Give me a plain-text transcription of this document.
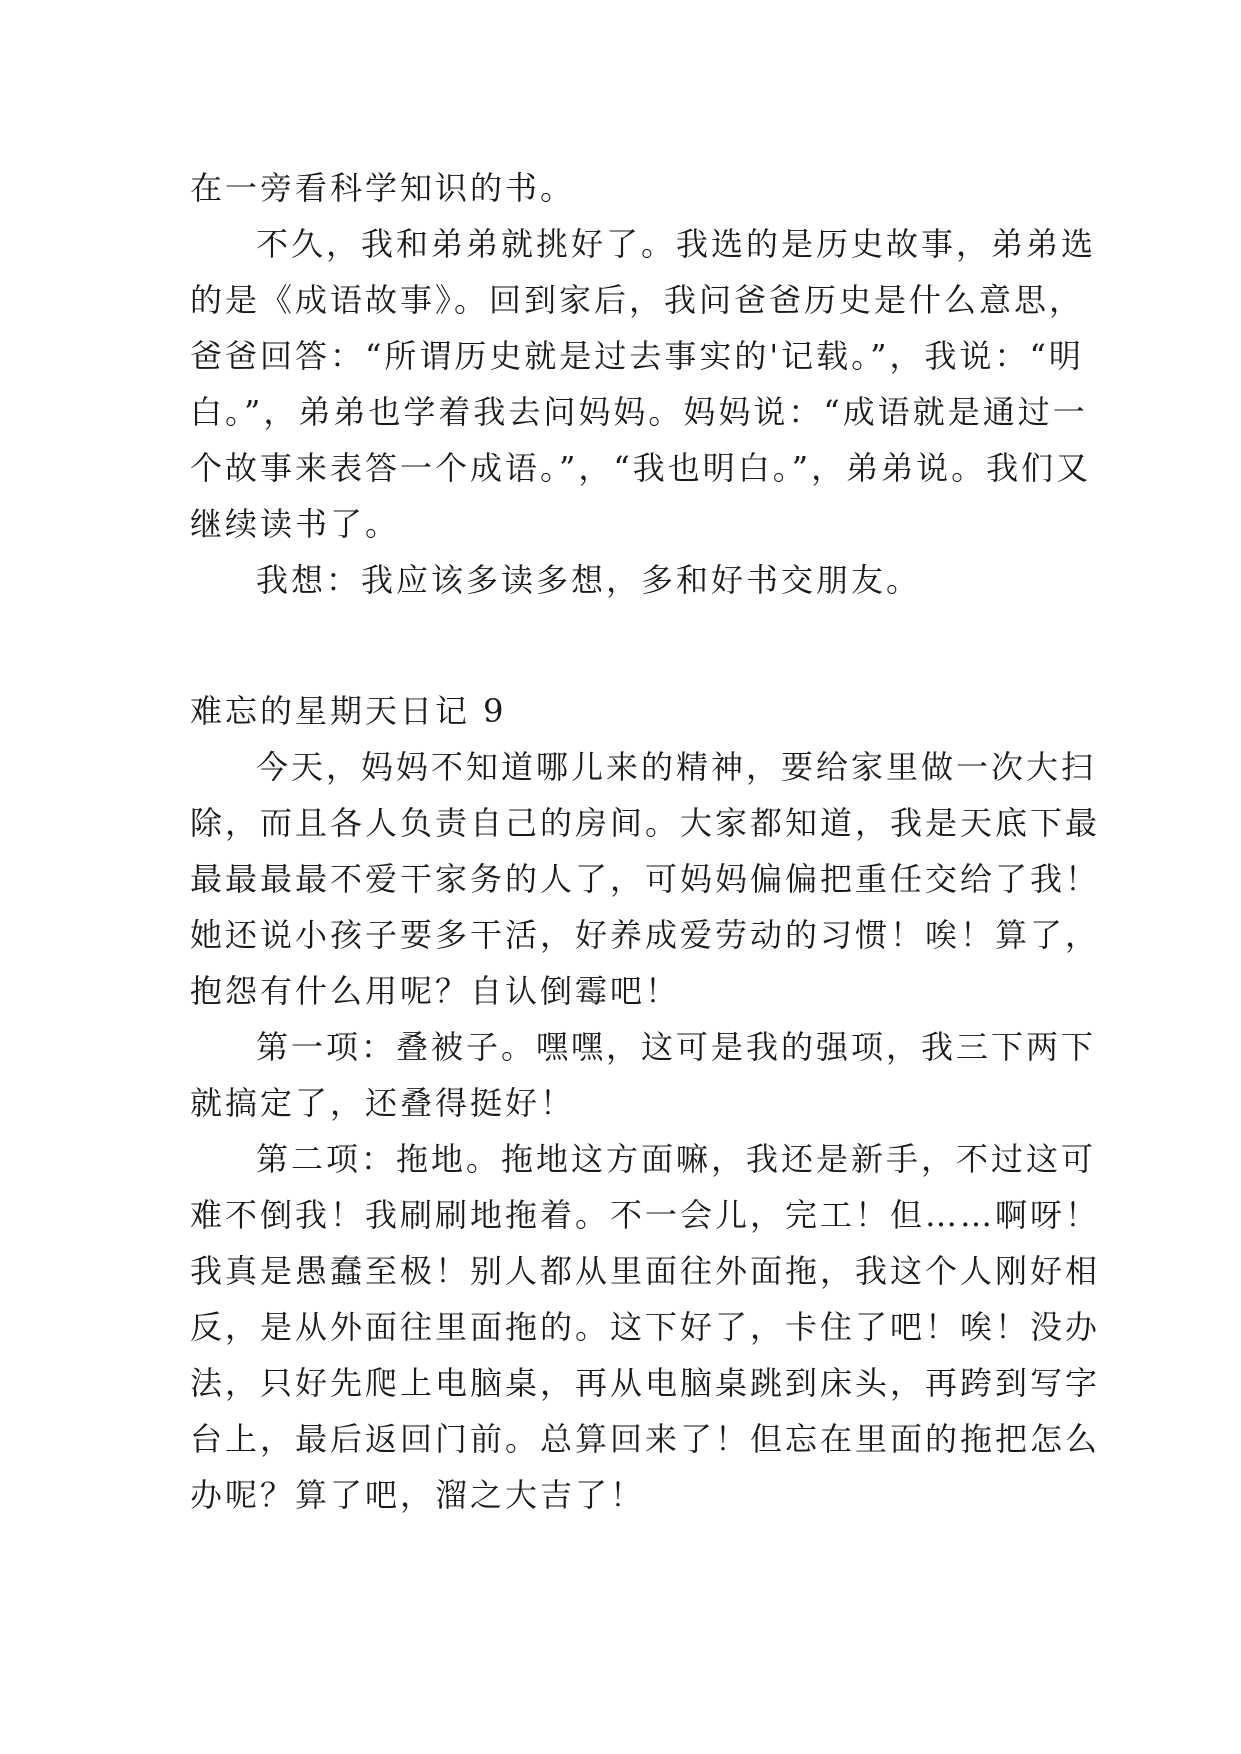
在一旁看科学知识的书。
不久，我和弟弟就挑好了。我选的是历史故事，弟弟选
的是《成语故事》。回到家后，我问爸爸历史是什么意思，
爸爸回答：“所谓历史就是过去事实的'记载。”，我说：“明
白。”，弟弟也学着我去问妈妈。妈妈说：“成语就是通过一
个故事来表答一个成语。”，“我也明白。”，弟弟说。我们又
继续读书了。
我想：我应该多读多想，多和好书交朋友。
难忘的星期天日记 9
今天，妈妈不知道哪儿来的精神，要给家里做一次大扫
除，而且各人负责自己的房间。大家都知道，我是天底下最
最最最最不爱干家务的人了，可妈妈偏偏把重任交给了我！
她还说小孩子要多干活，好养成爱劳动的习惯！唉！算了，
抱怨有什么用呢？自认倒霉吧！
第一项：叠被子。嘿嘿，这可是我的强项，我三下两下
就搞定了，还叠得挺好！
第二项：拖地。拖地这方面嘛，我还是新手，不过这可
难不倒我！我刷刷地拖着。不一会儿，完工！但……啊呀！
我真是愚蠢至极！别人都从里面往外面拖，我这个人刚好相
反，是从外面往里面拖的。这下好了，卡住了吧！唉！没办
法，只好先爬上电脑桌，再从电脑桌跳到床头，再跨到写字
台上，最后返回门前。总算回来了！但忘在里面的拖把怎么
办呢？算了吧，溜之大吉了！
